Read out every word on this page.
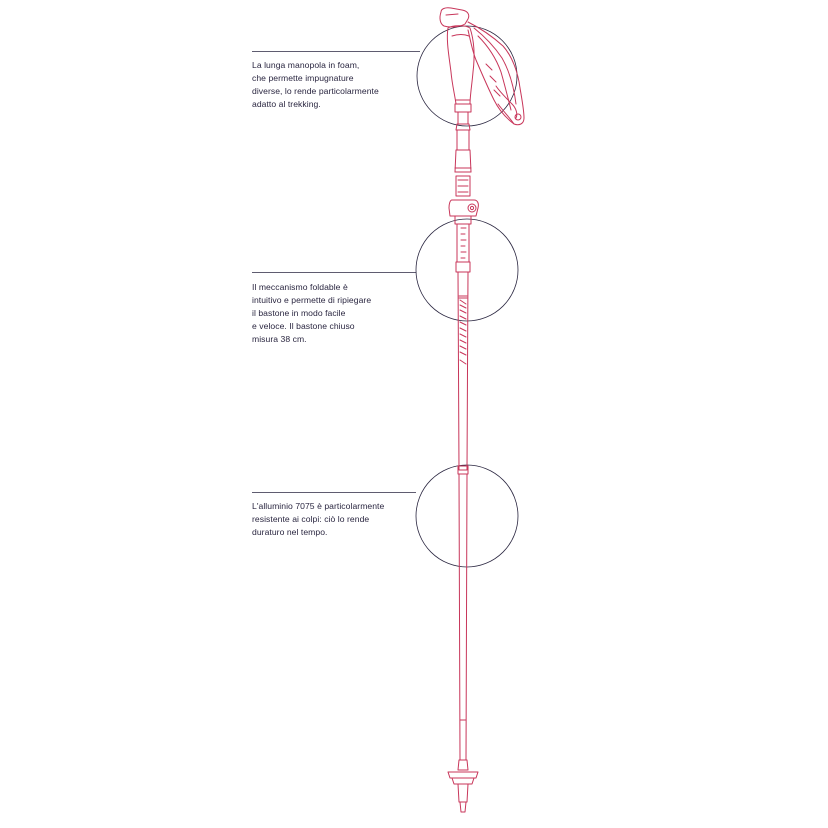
La lunga manopola in foam,
che permette impugnature
diverse, lo rende particolarmente
adatto al trekking.

Il meccanismo foldable è
intuitivo e permette di ripiegare
il bastone in modo facile
e veloce. Il bastone chiuso
misura 38 cm.

L'alluminio 7075 è particolarmente
resistente ai colpi: ciò lo rende
duraturo nel tempo.
